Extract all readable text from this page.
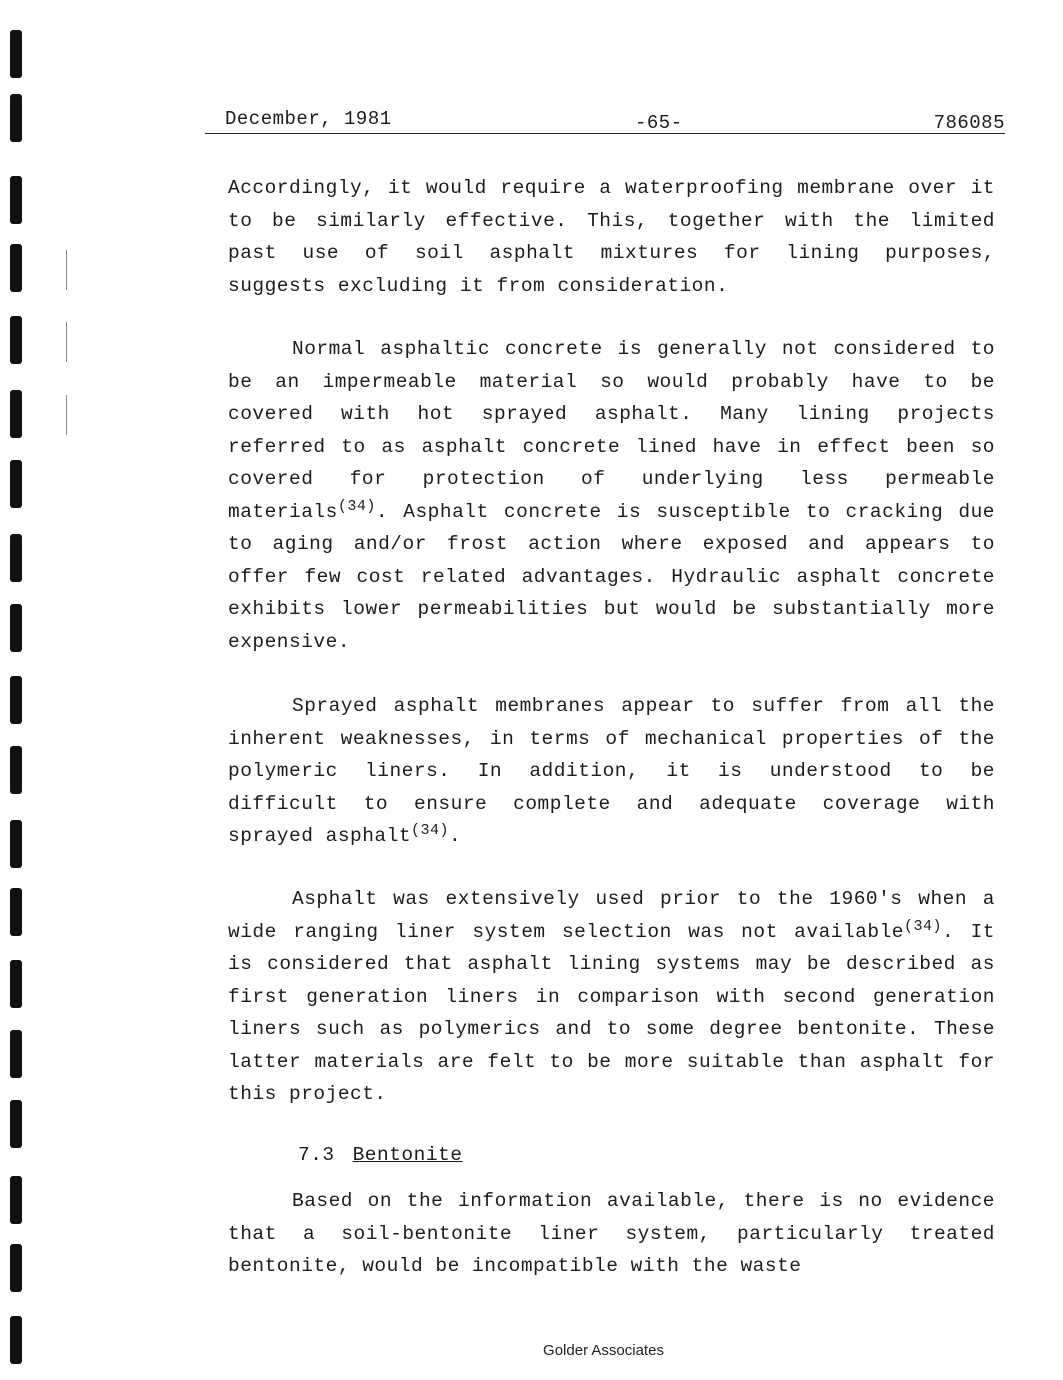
December, 1981	-65-	786085

Accordingly, it would require a waterproofing membrane over it to be similarly effective. This, together with the limited past use of soil asphalt mixtures for lining purposes, suggests excluding it from consideration.

Normal asphaltic concrete is generally not considered to be an impermeable material so would probably have to be covered with hot sprayed asphalt. Many lining projects referred to as asphalt concrete lined have in effect been so covered for protection of underlying less permeable materials$^{(34)}$. Asphalt concrete is susceptible to cracking due to aging and/or frost action where exposed and appears to offer few cost related advantages. Hydraulic asphalt concrete exhibits lower permeabilities but would be substantially more expensive.

Sprayed asphalt membranes appear to suffer from all the inherent weaknesses, in terms of mechanical properties of the polymeric liners. In addition, it is understood to be difficult to ensure complete and adequate coverage with sprayed asphalt$^{(34)}$.

Asphalt was extensively used prior to the 1960's when a wide ranging liner system selection was not available$^{(34)}$. It is considered that asphalt lining systems may be described as first generation liners in comparison with second generation liners such as polymerics and to some degree bentonite. These latter materials are felt to be more suitable than asphalt for this project.

7.3 Bentonite

Based on the information available, there is no evidence that a soil-bentonite liner system, particularly treated bentonite, would be incompatible with the waste

Golder Associates
